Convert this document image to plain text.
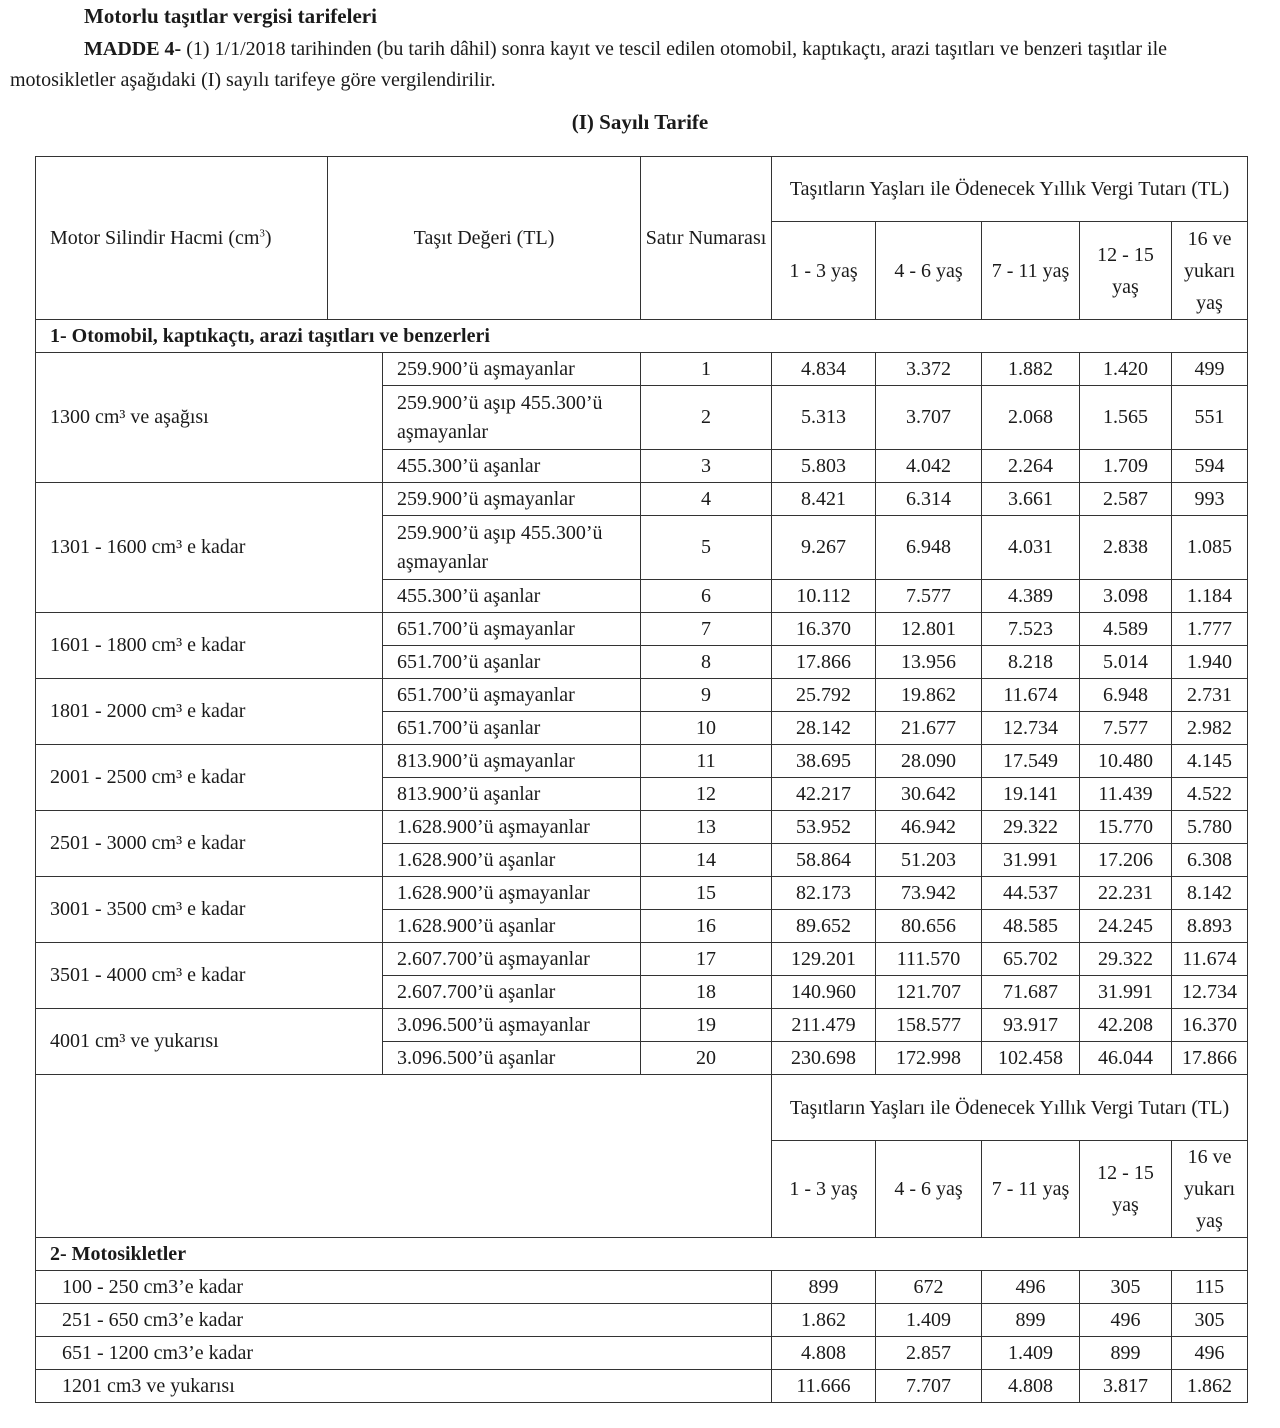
Motorlu taşıtlar vergisi tarifeleri

MADDE 4- (1) 1/1/2018 tarihinden (bu tarih dâhil) sonra kayıt ve tescil edilen otomobil, kaptıkaçtı, arazi taşıtları ve benzeri taşıtlar ile motosikletler aşağıdaki (I) sayılı tarifeye göre vergilendirilir.

(I) Sayılı Tarife
Motor Silindir Hacmi $(cm^3)$	Taşıt Değeri (TL)		Satır Numarası	Taşıtların Yaşları ile Ödenecek Yıllık Vergi Tutarı (TL)				
				1 - 3 yaş	4 - 6 yaş	7 - 11 yaş	12 - 15 yaş	16 ve yukarı yaş
1- Otomobil, kaptıkaçtı, arazi taşıtları ve benzerleri								
1300 cm³ ve aşağısı		259.900’ü aşmayanlar	1	4.834	3.372	1.882	1.420	499
		259.900’ü aşıp 455.300’ü aşmayanlar	2	5.313	3.707	2.068	1.565	551
		455.300’ü aşanlar	3	5.803	4.042	2.264	1.709	594
1301 - 1600 cm³ e kadar		259.900’ü aşmayanlar	4	8.421	6.314	3.661	2.587	993
		259.900’ü aşıp 455.300’ü aşmayanlar	5	9.267	6.948	4.031	2.838	1.085
		455.300’ü aşanlar	6	10.112	7.577	4.389	3.098	1.184
1601 - 1800 cm³ e kadar		651.700’ü aşmayanlar	7	16.370	12.801	7.523	4.589	1.777
		651.700’ü aşanlar	8	17.866	13.956	8.218	5.014	1.940
1801 - 2000 cm³ e kadar		651.700’ü aşmayanlar	9	25.792	19.862	11.674	6.948	2.731
		651.700’ü aşanlar	10	28.142	21.677	12.734	7.577	2.982
2001 - 2500 cm³ e kadar		813.900’ü aşmayanlar	11	38.695	28.090	17.549	10.480	4.145
		813.900’ü aşanlar	12	42.217	30.642	19.141	11.439	4.522
2501 - 3000 cm³ e kadar		1.628.900’ü aşmayanlar	13	53.952	46.942	29.322	15.770	5.780
		1.628.900’ü aşanlar	14	58.864	51.203	31.991	17.206	6.308
3001 - 3500 cm³ e kadar		1.628.900’ü aşmayanlar	15	82.173	73.942	44.537	22.231	8.142
		1.628.900’ü aşanlar	16	89.652	80.656	48.585	24.245	8.893
3501 - 4000 cm³ e kadar		2.607.700’ü aşmayanlar	17	129.201	111.570	65.702	29.322	11.674
		2.607.700’ü aşanlar	18	140.960	121.707	71.687	31.991	12.734
4001 cm³ ve yukarısı		3.096.500’ü aşmayanlar	19	211.479	158.577	93.917	42.208	16.370
		3.096.500’ü aşanlar	20	230.698	172.998	102.458	46.044	17.866
				Taşıtların Yaşları ile Ödenecek Yıllık Vergi Tutarı (TL)				
				1 - 3 yaş	4 - 6 yaş	7 - 11 yaş	12 - 15 yaş	16 ve yukarı yaş
2- Motosikletler								
100 - 250 cm3’e kadar				899	672	496	305	115
251 - 650 cm3’e kadar				1.862	1.409	899	496	305
651 - 1200 cm3’e kadar				4.808	2.857	1.409	899	496
1201 cm3 ve yukarısı				11.666	7.707	4.808	3.817	1.862
